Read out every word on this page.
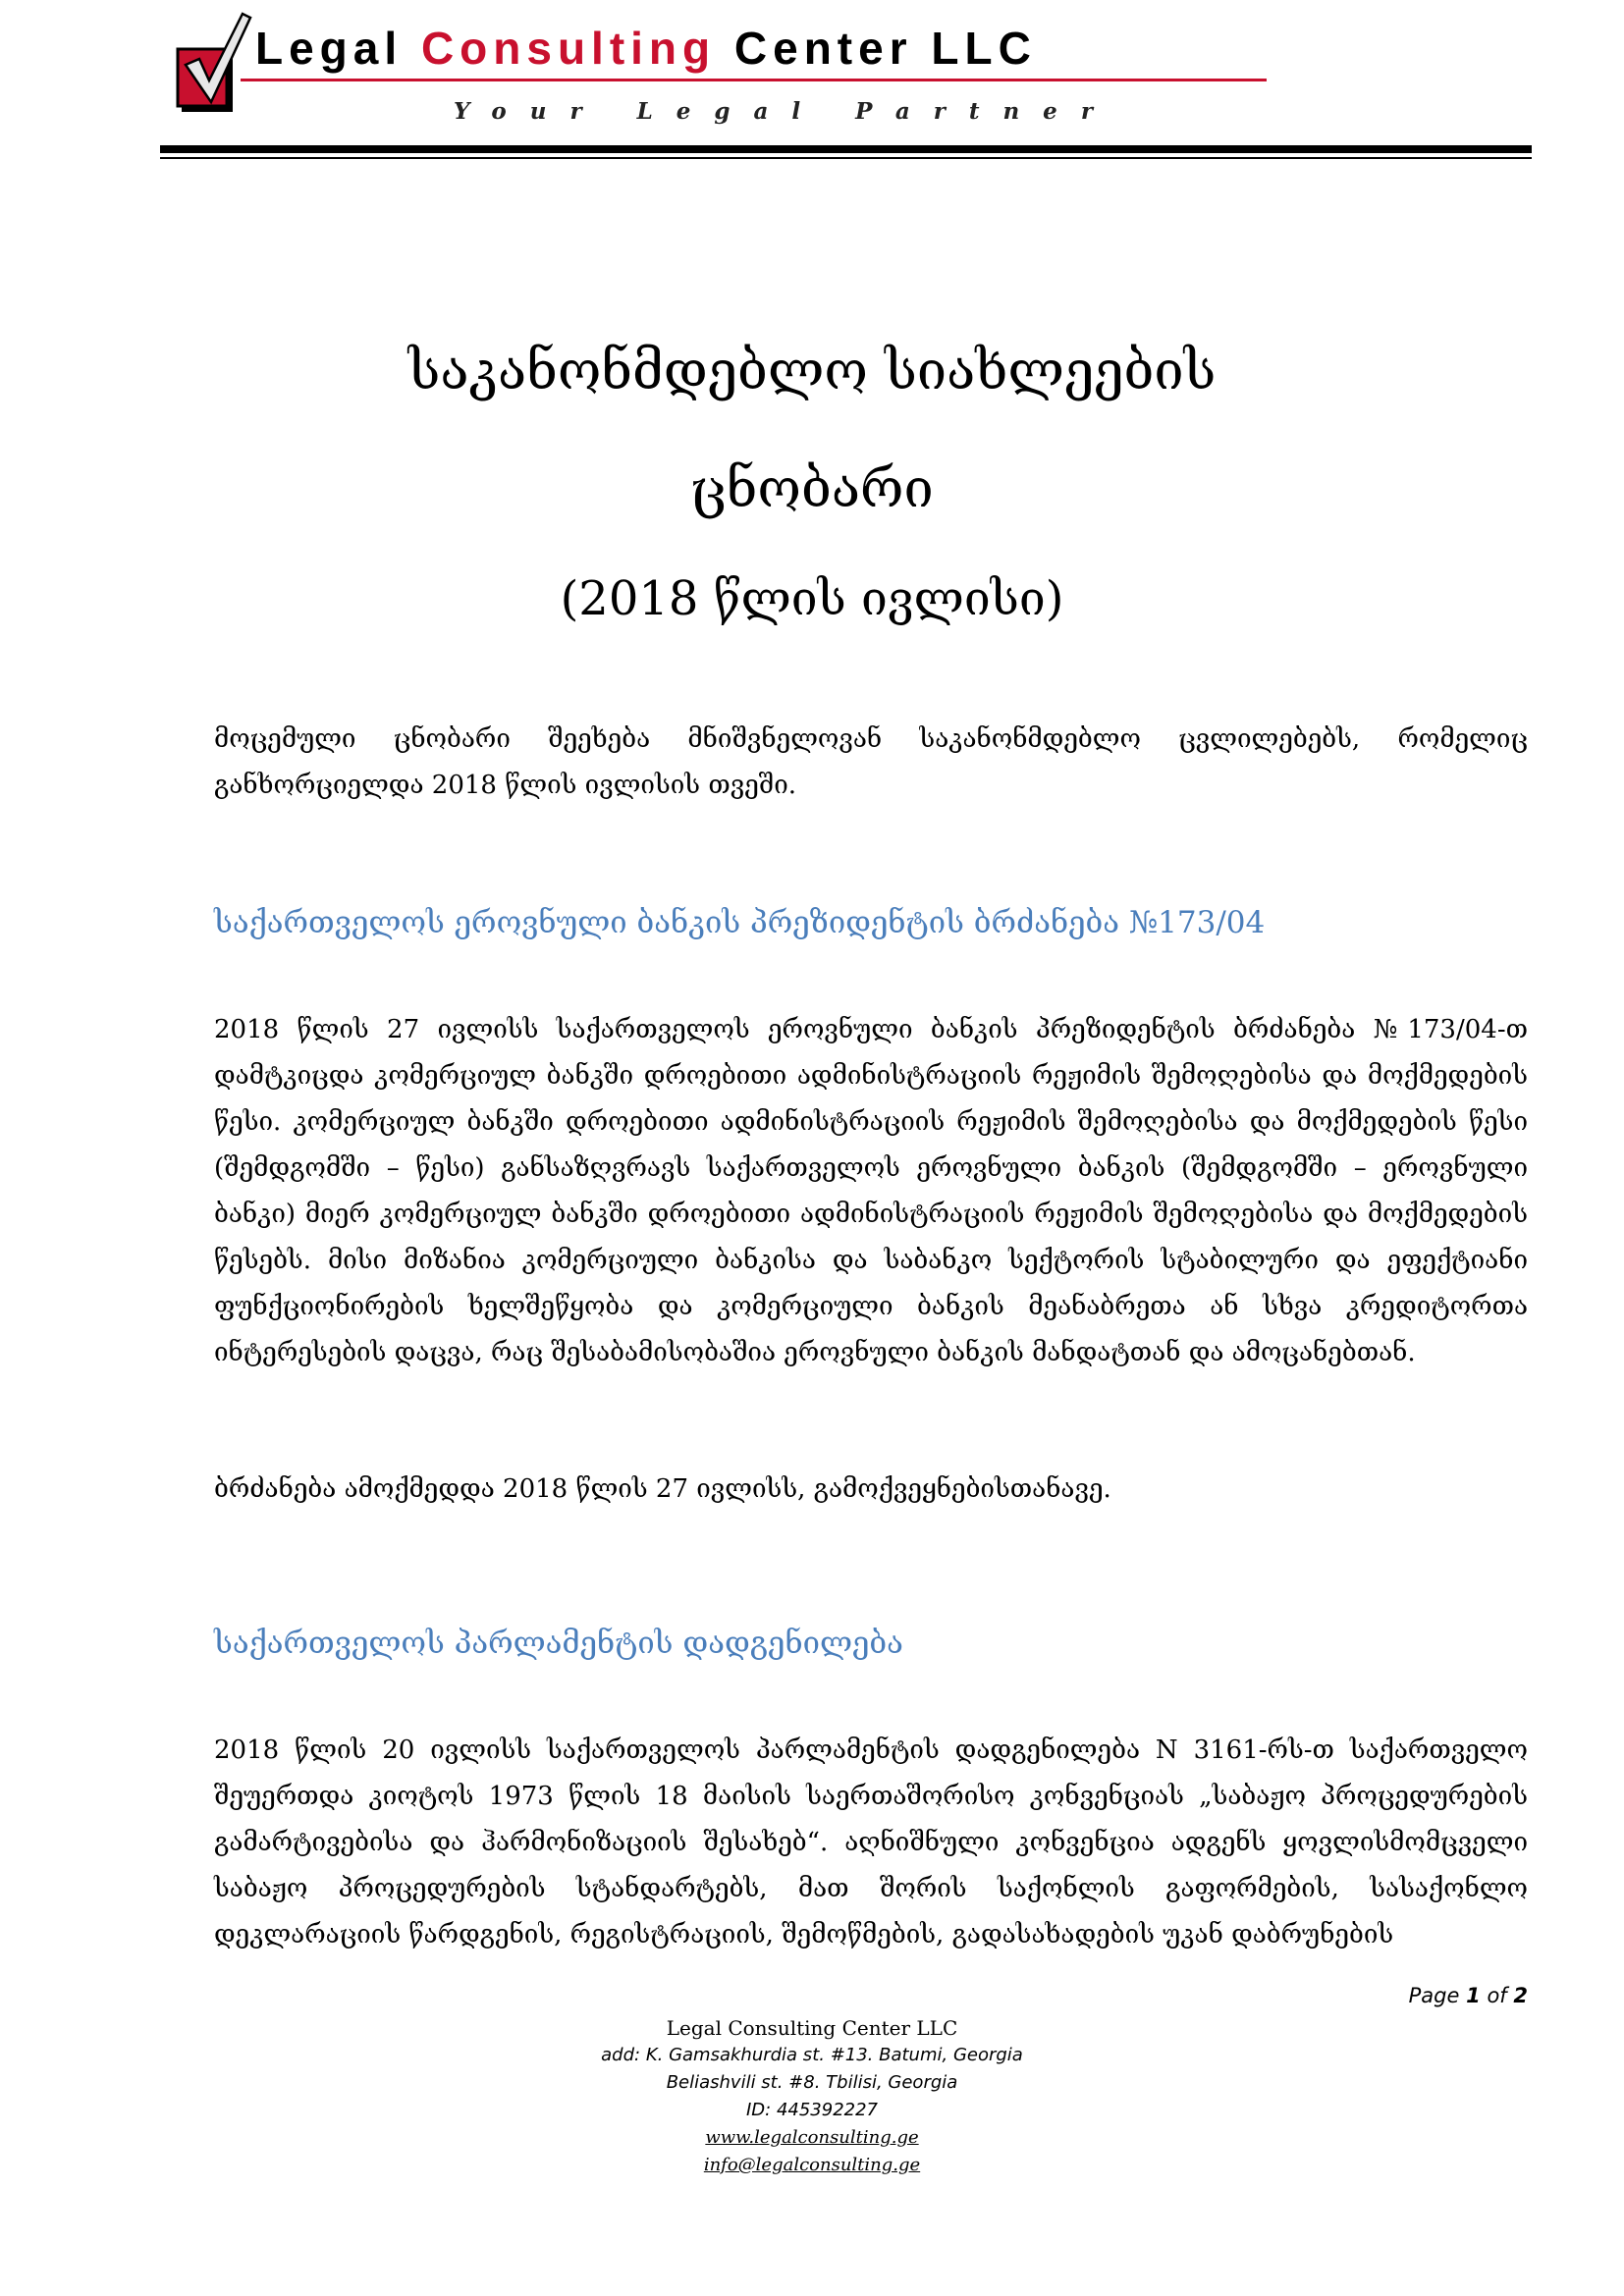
Legal Consulting Center LLC
Your Legal Partner
საკანონმდებლო სიახლეების
ცნობარი
(2018 წლის ივლისი)

მოცემული ცნობარი შეეხება მნიშვნელოვან საკანონმდებლო ცვლილებებს, რომელიც განხორციელდა 2018 წლის ივლისის თვეში.

საქართველოს ეროვნული ბანკის პრეზიდენტის ბრძანება №173/04

2018 წლის 27 ივლისს საქართველოს ეროვნული ბანკის პრეზიდენტის ბრძანება №173/04-თ დამტკიცდა კომერციულ ბანკში დროებითი ადმინისტრაციის რეჟიმის შემოღებისა და მოქმედების წესი. კომერციულ ბანკში დროებითი ადმინისტრაციის რეჟიმის შემოღებისა და მოქმედების წესი (შემდგომში – წესი) განსაზღვრავს საქართველოს ეროვნული ბანკის (შემდგომში – ეროვნული ბანკი) მიერ კომერციულ ბანკში დროებითი ადმინისტრაციის რეჟიმის შემოღებისა და მოქმედების წესებს. მისი მიზანია კომერციული ბანკისა და საბანკო სექტორის სტაბილური და ეფექტიანი ფუნქციონირების ხელშეწყობა და კომერციული ბანკის მეანაბრეთა ან სხვა კრედიტორთა ინტერესების დაცვა, რაც შესაბამისობაშია ეროვნული ბანკის მანდატთან და ამოცანებთან.

ბრძანება ამოქმედდა 2018 წლის 27 ივლისს, გამოქვეყნებისთანავე.

საქართველოს პარლამენტის დადგენილება

2018 წლის 20 ივლისს საქართველოს პარლამენტის დადგენილება N 3161-რს-თ საქართველო შეუერთდა კიოტოს 1973 წლის 18 მაისის საერთაშორისო კონვენციას „საბაჟო პროცედურების გამარტივებისა და ჰარმონიზაციის შესახებ“. აღნიშნული კონვენცია ადგენს ყოვლისმომცველი საბაჟო პროცედურების სტანდარტებს, მათ შორის საქონლის გაფორმების, სასაქონლო დეკლარაციის წარდგენის, რეგისტრაციის, შემოწმების, გადასახადების უკან დაბრუნების

Page 1 of 2
Legal Consulting Center LLC
add: K. Gamsakhurdia st. #13. Batumi, Georgia
Beliashvili st. #8. Tbilisi, Georgia
ID: 445392227
www.legalconsulting.ge
info@legalconsulting.ge
